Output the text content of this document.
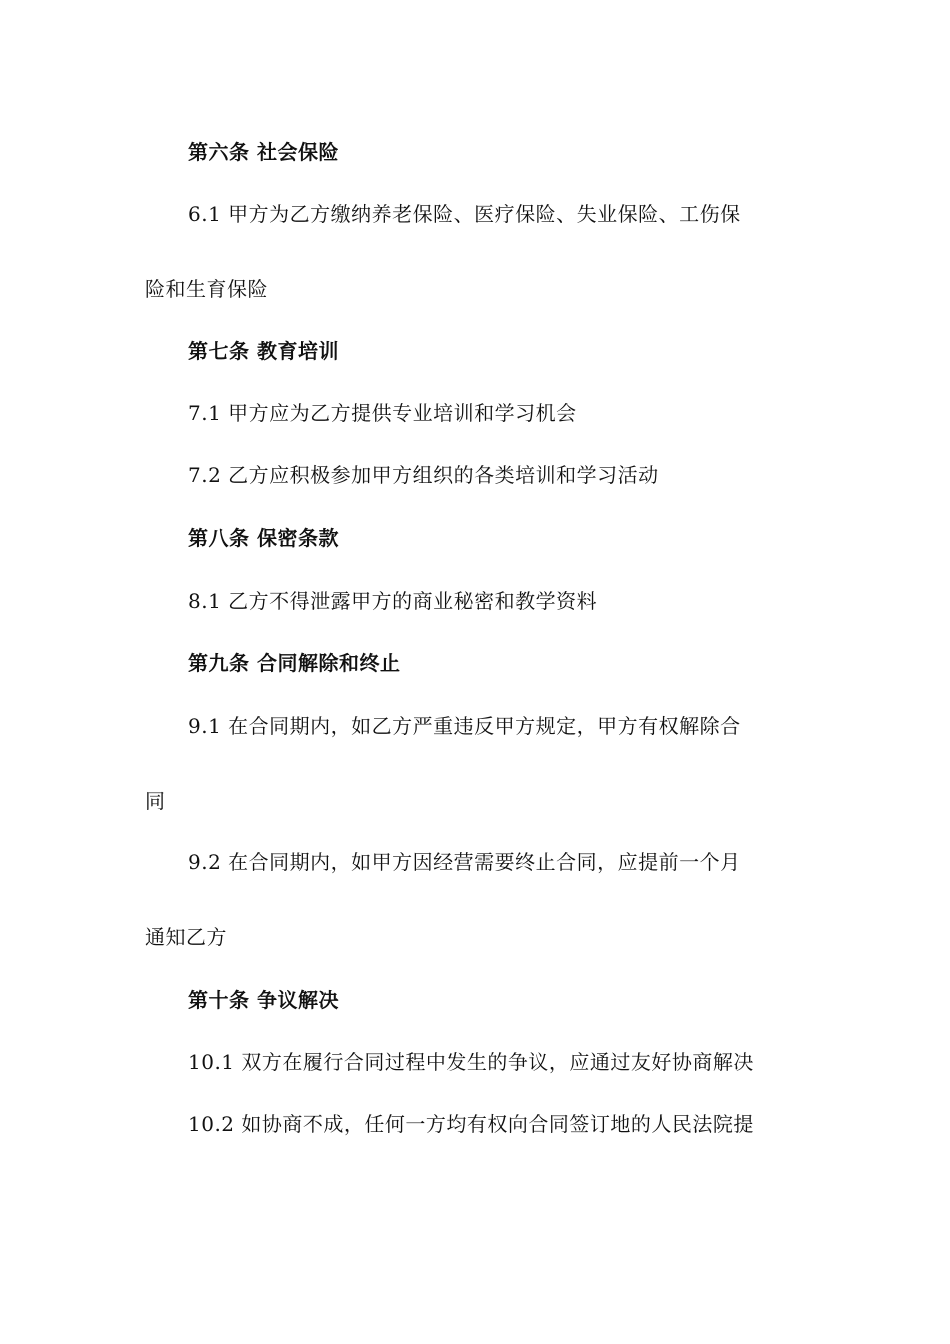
第六条 社会保险
6.1 甲方为乙方缴纳养老保险、医疗保险、失业保险、工伤保
险和生育保险
第七条 教育培训
7.1 甲方应为乙方提供专业培训和学习机会
7.2 乙方应积极参加甲方组织的各类培训和学习活动
第八条 保密条款
8.1 乙方不得泄露甲方的商业秘密和教学资料
第九条 合同解除和终止
9.1 在合同期内，如乙方严重违反甲方规定，甲方有权解除合
同
9.2 在合同期内，如甲方因经营需要终止合同，应提前一个月
通知乙方
第十条 争议解决
10.1 双方在履行合同过程中发生的争议，应通过友好协商解决
10.2 如协商不成，任何一方均有权向合同签订地的人民法院提
